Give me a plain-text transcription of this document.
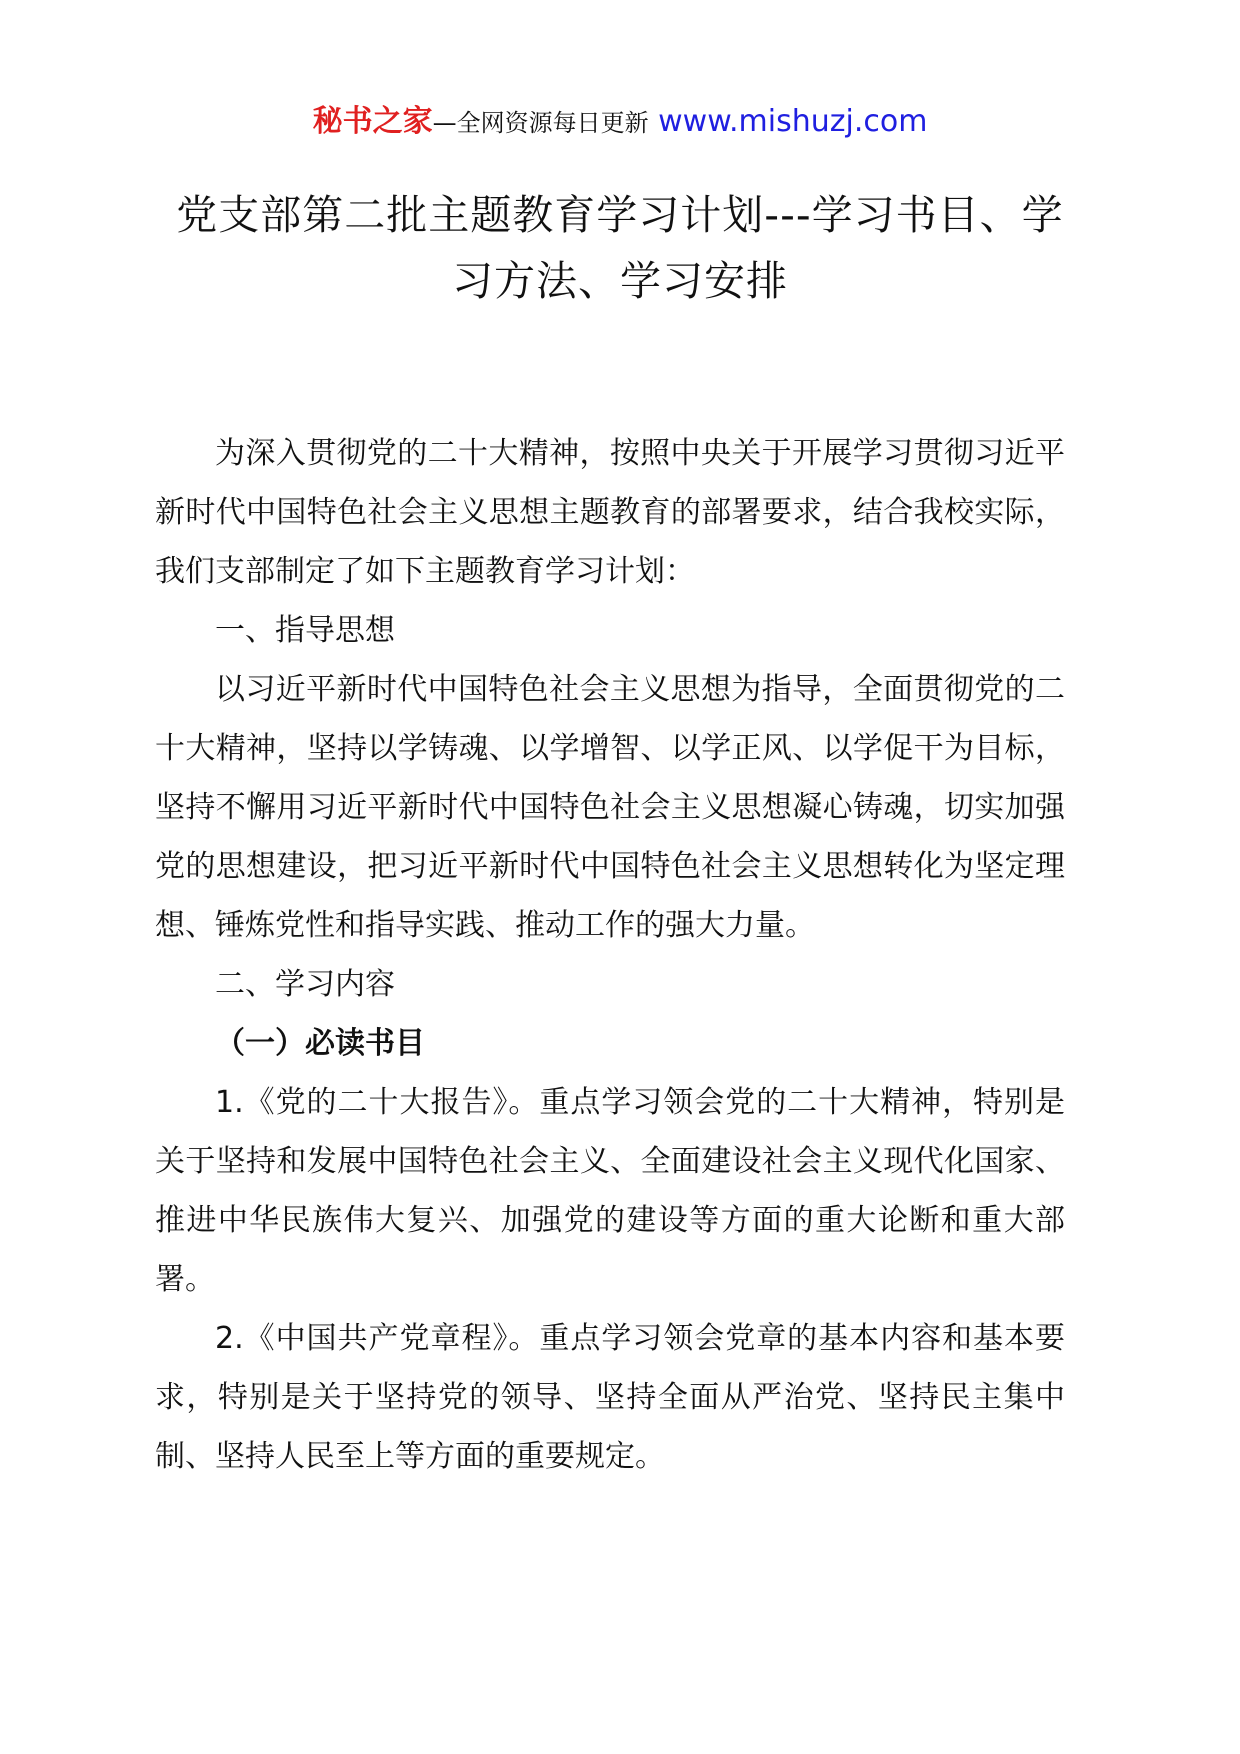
秘书之家—全网资源每日更新 www.mishuzj.com
党支部第二批主题教育学习计划---学习书目、学
习方法、学习安排

为深入贯彻党的二十大精神，按照中央关于开展学习贯彻习近平新时代中国特色社会主义思想主题教育的部署要求，结合我校实际，我们支部制定了如下主题教育学习计划：

一、指导思想

以习近平新时代中国特色社会主义思想为指导，全面贯彻党的二十大精神，坚持以学铸魂、以学增智、以学正风、以学促干为目标，坚持不懈用习近平新时代中国特色社会主义思想凝心铸魂，切实加强党的思想建设，把习近平新时代中国特色社会主义思想转化为坚定理想、锤炼党性和指导实践、推动工作的强大力量。

二、学习内容

（一）必读书目

1.《党的二十大报告》。重点学习领会党的二十大精神，特别是关于坚持和发展中国特色社会主义、全面建设社会主义现代化国家、推进中华民族伟大复兴、加强党的建设等方面的重大论断和重大部署。

2.《中国共产党章程》。重点学习领会党章的基本内容和基本要求，特别是关于坚持党的领导、坚持全面从严治党、坚持民主集中制、坚持人民至上等方面的重要规定。
